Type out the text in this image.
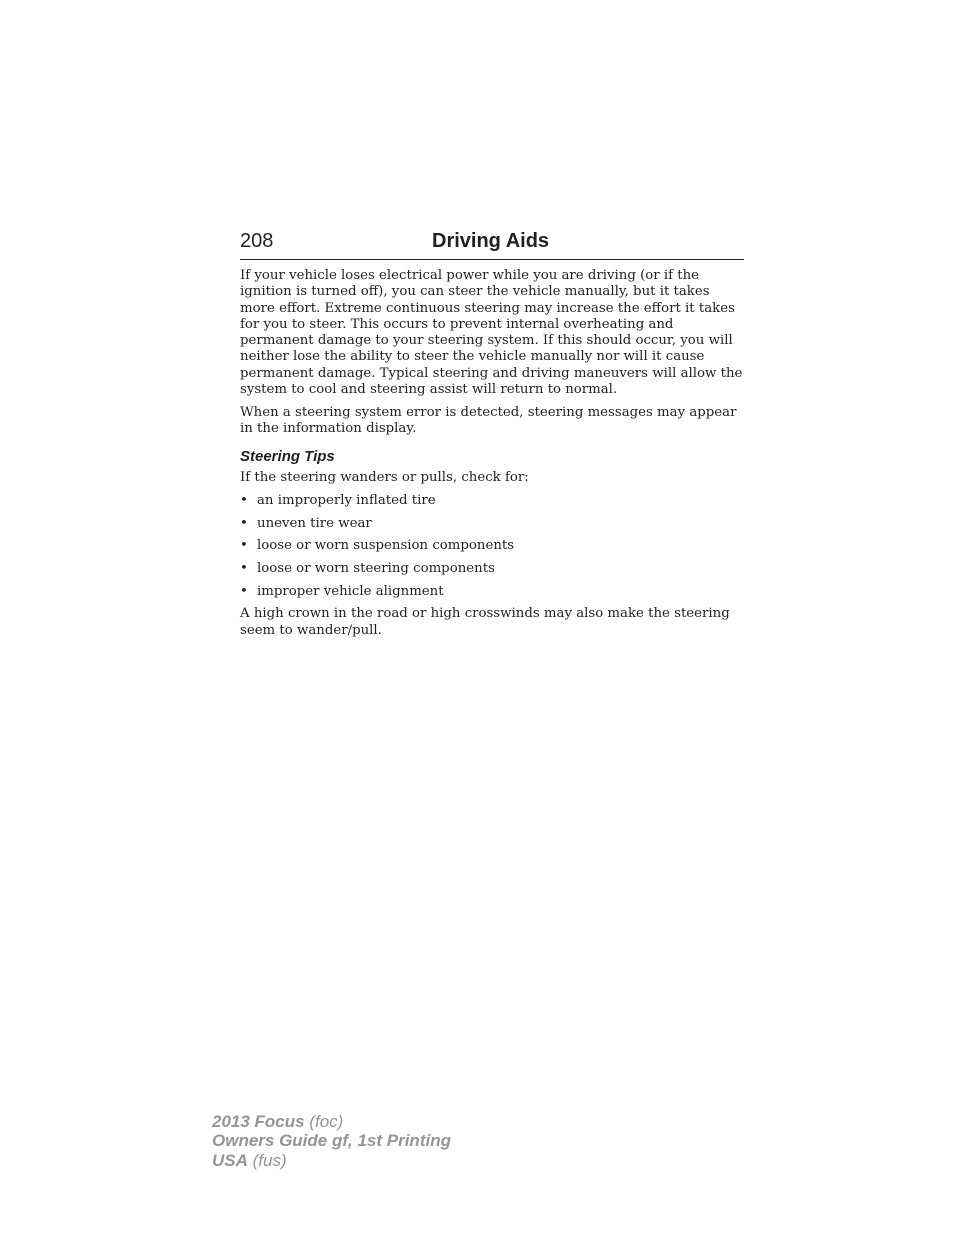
208	Driving Aids

If your vehicle loses electrical power while you are driving (or if the ignition is turned off), you can steer the vehicle manually, but it takes more effort. Extreme continuous steering may increase the effort it takes for you to steer. This occurs to prevent internal overheating and permanent damage to your steering system. If this should occur, you will neither lose the ability to steer the vehicle manually nor will it cause permanent damage. Typical steering and driving maneuvers will allow the system to cool and steering assist will return to normal.

When a steering system error is detected, steering messages may appear in the information display.

Steering Tips

If the steering wanders or pulls, check for:

• an improperly inflated tire
• uneven tire wear
• loose or worn suspension components
• loose or worn steering components
• improper vehicle alignment

A high crown in the road or high crosswinds may also make the steering seem to wander/pull.

2013 Focus (foc)
Owners Guide gf, 1st Printing
USA (fus)
